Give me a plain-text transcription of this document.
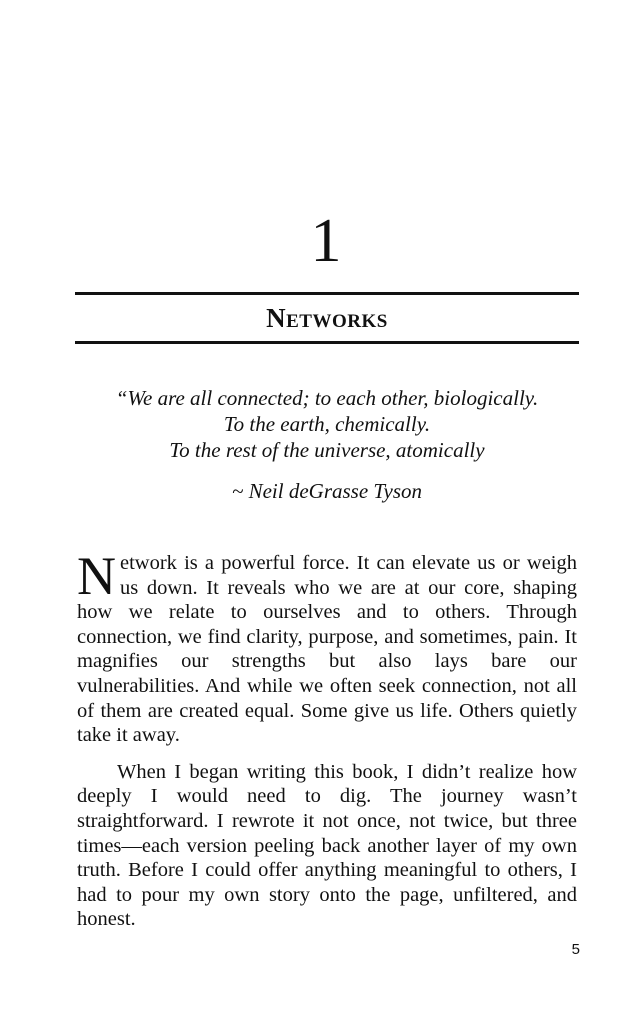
1
Networks
“We are all connected; to each other, biologically.
To the earth, chemically.
To the rest of the universe, atomically
~ Neil deGrasse Tyson

Network is a powerful force. It can elevate us or weigh us down. It reveals who we are at our core, shaping how we relate to ourselves and to others. Through connection, we find clarity, purpose, and sometimes, pain. It magnifies our strengths but also lays bare our vulnerabilities. And while we often seek connection, not all of them are created equal. Some give us life. Others quietly take it away.

When I began writing this book, I didn’t realize how deeply I would need to dig. The journey wasn’t straightforward. I rewrote it not once, not twice, but three times—each version peeling back another layer of my own truth. Before I could offer anything meaningful to others, I had to pour my own story onto the page, unfiltered, and honest.

5
